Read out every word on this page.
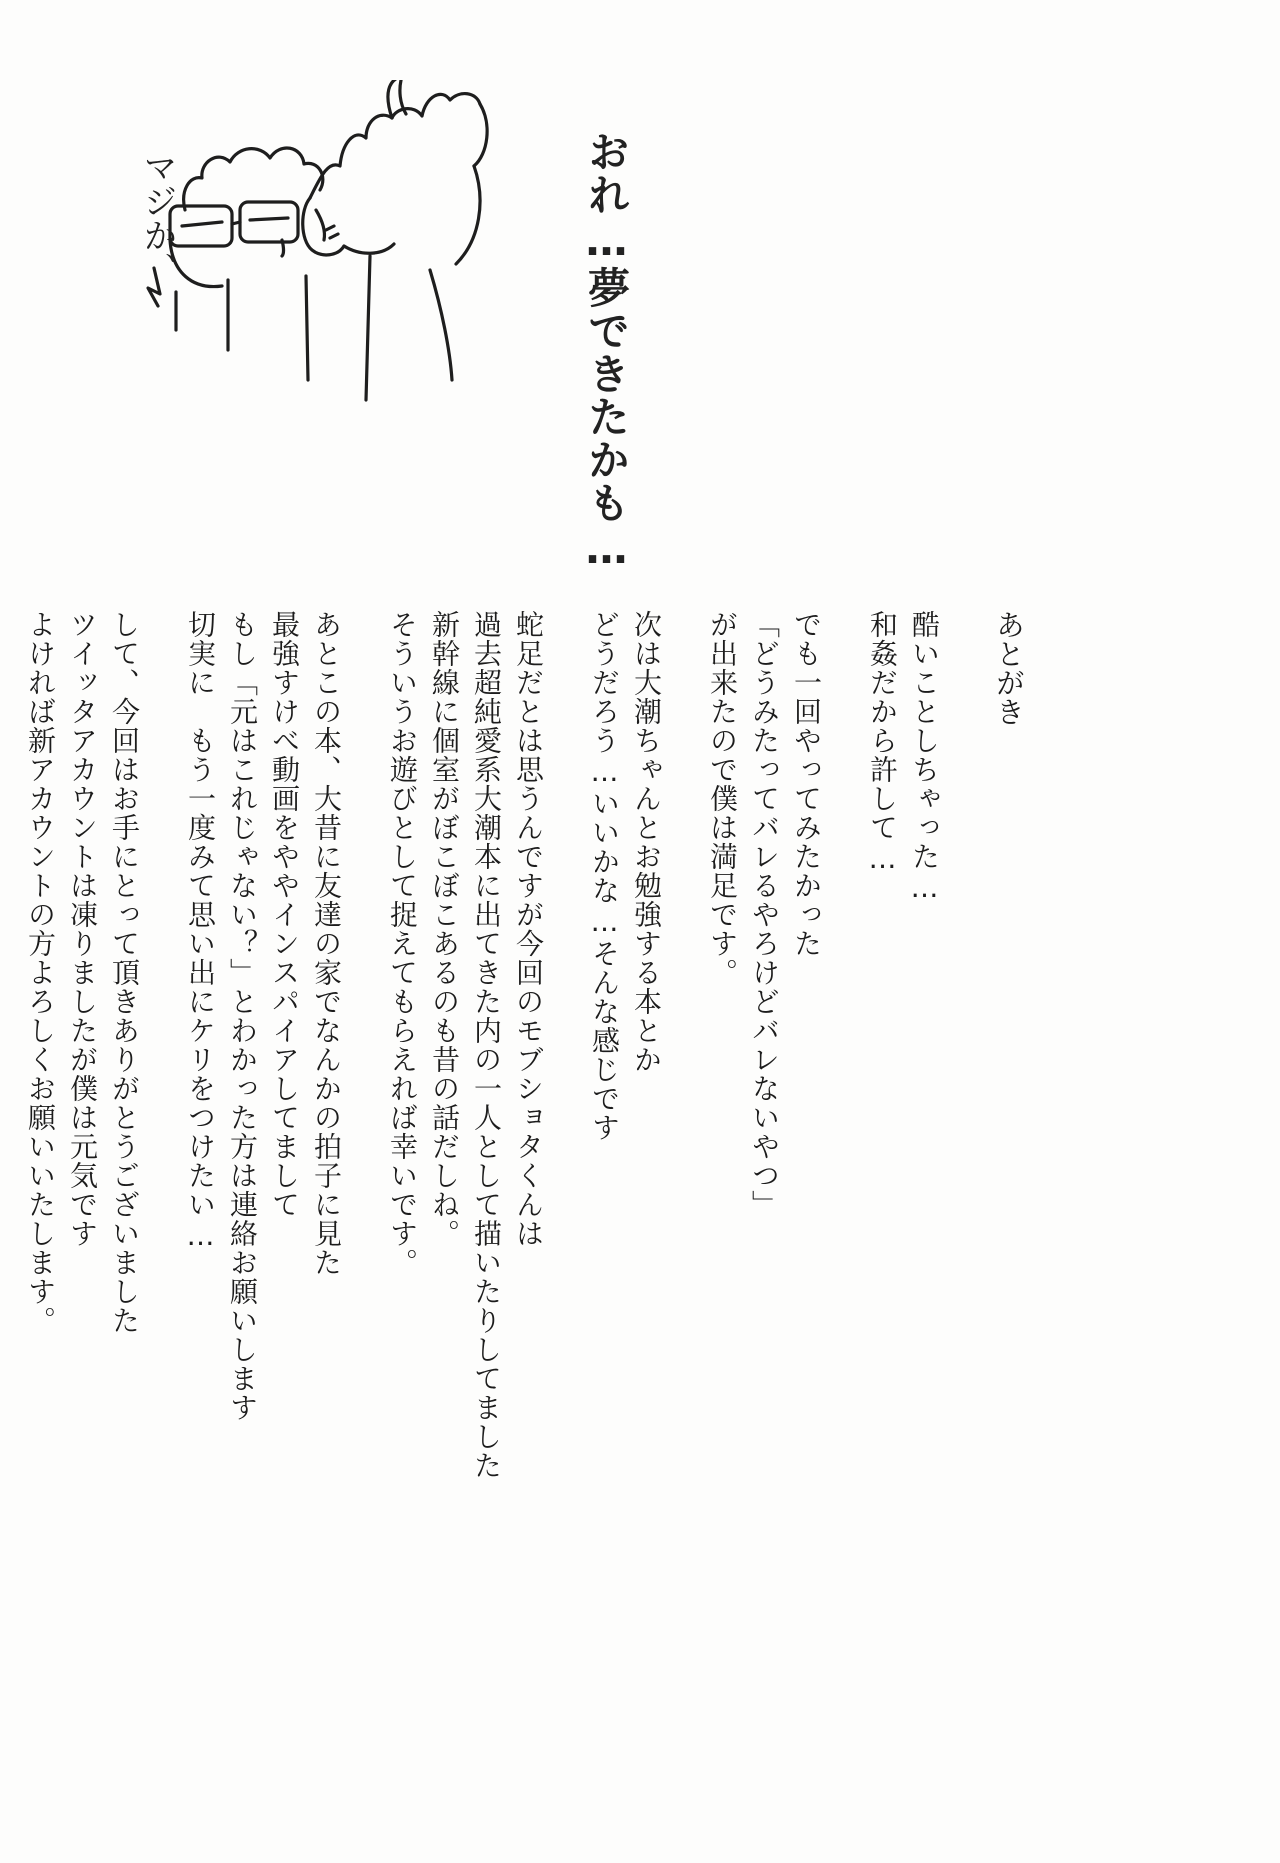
おれ…夢できたかも…
マジか、
あとがき
酷いことしちゃった…
和姦だから許して…
でも一回やってみたかった
「どうみたってバレるやろけどバレないやつ」
が出来たので僕は満足です。
次は大潮ちゃんとお勉強する本とか
どうだろう…いいかな…そんな感じです
蛇足だとは思うんですが今回のモブショタくんは
過去超純愛系大潮本に出てきた内の一人として描いたりしてました
新幹線に個室がぼこぼこあるのも昔の話だしね。
そういうお遊びとして捉えてもらえれば幸いです。
あとこの本、大昔に友達の家でなんかの拍子に見た
最強すけべ動画をややインスパイアしてまして
もし「元はこれじゃない？」とわかった方は連絡お願いします
切実に　もう一度みて思い出にケリをつけたい…
して、今回はお手にとって頂きありがとうございました
ツイッタアカウントは凍りましたが僕は元気です
よければ新アカウントの方よろしくお願いいたします。
